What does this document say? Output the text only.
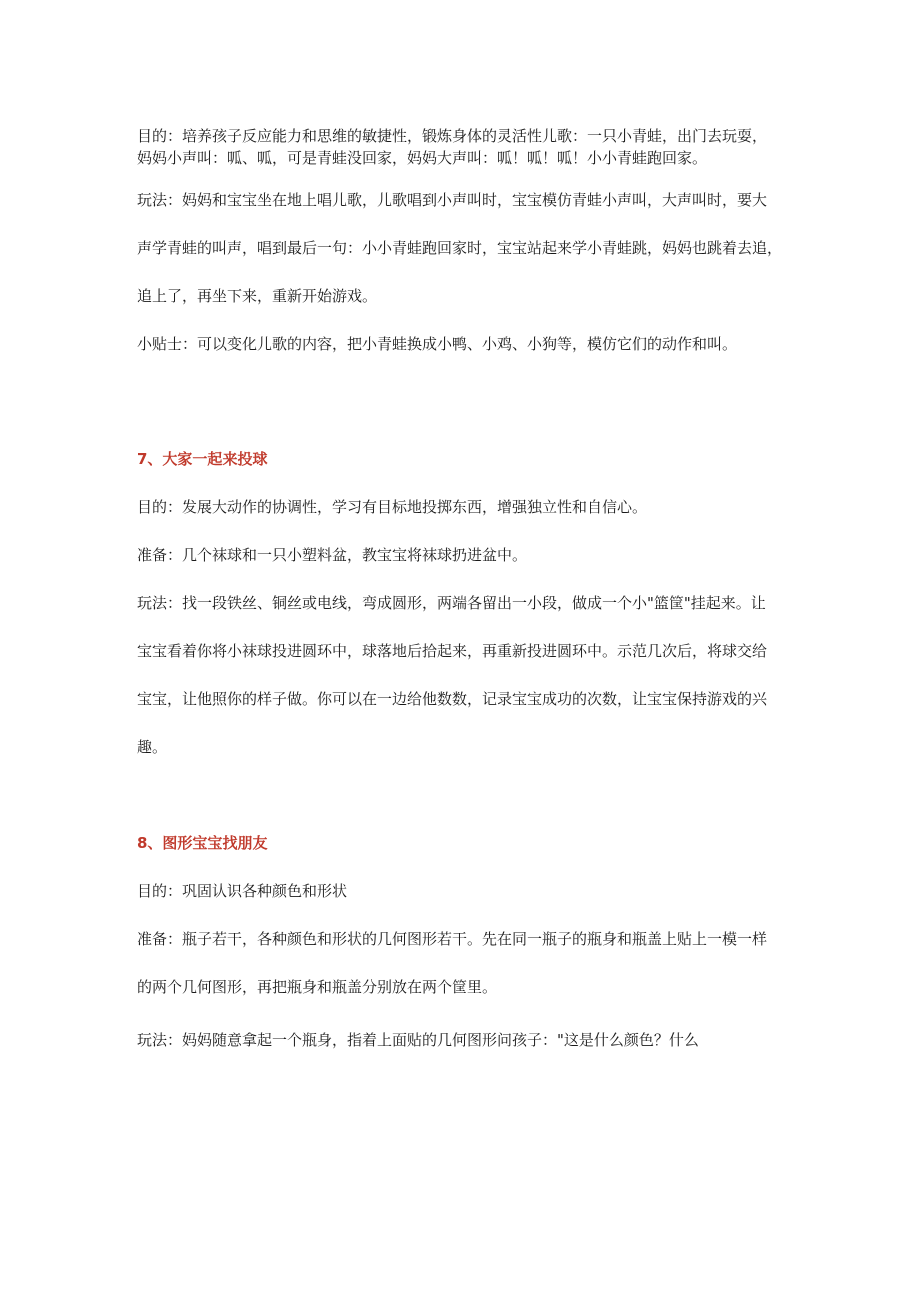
目的：培养孩子反应能力和思维的敏捷性，锻炼身体的灵活性儿歌：一只小青蛙，出门去玩耍，
妈妈小声叫：呱、呱，可是青蛙没回家，妈妈大声叫：呱！呱！呱！小小青蛙跑回家。
玩法：妈妈和宝宝坐在地上唱儿歌，儿歌唱到小声叫时，宝宝模仿青蛙小声叫，大声叫时，要大
声学青蛙的叫声，唱到最后一句：小小青蛙跑回家时，宝宝站起来学小青蛙跳，妈妈也跳着去追，
追上了，再坐下来，重新开始游戏。
小贴士：可以变化儿歌的内容，把小青蛙换成小鸭、小鸡、小狗等，模仿它们的动作和叫。
7、大家一起来投球
目的：发展大动作的协调性，学习有目标地投掷东西，增强独立性和自信心。
准备：几个袜球和一只小塑料盆，教宝宝将袜球扔进盆中。
玩法：找一段铁丝、铜丝或电线，弯成圆形，两端各留出一小段，做成一个小"篮筐"挂起来。让
宝宝看着你将小袜球投进圆环中，球落地后拾起来，再重新投进圆环中。示范几次后，将球交给
宝宝，让他照你的样子做。你可以在一边给他数数，记录宝宝成功的次数，让宝宝保持游戏的兴
趣。
8、图形宝宝找朋友
目的：巩固认识各种颜色和形状
准备：瓶子若干，各种颜色和形状的几何图形若干。先在同一瓶子的瓶身和瓶盖上贴上一模一样
的两个几何图形，再把瓶身和瓶盖分别放在两个筐里。
玩法：妈妈随意拿起一个瓶身，指着上面贴的几何图形问孩子："这是什么颜色？什么
